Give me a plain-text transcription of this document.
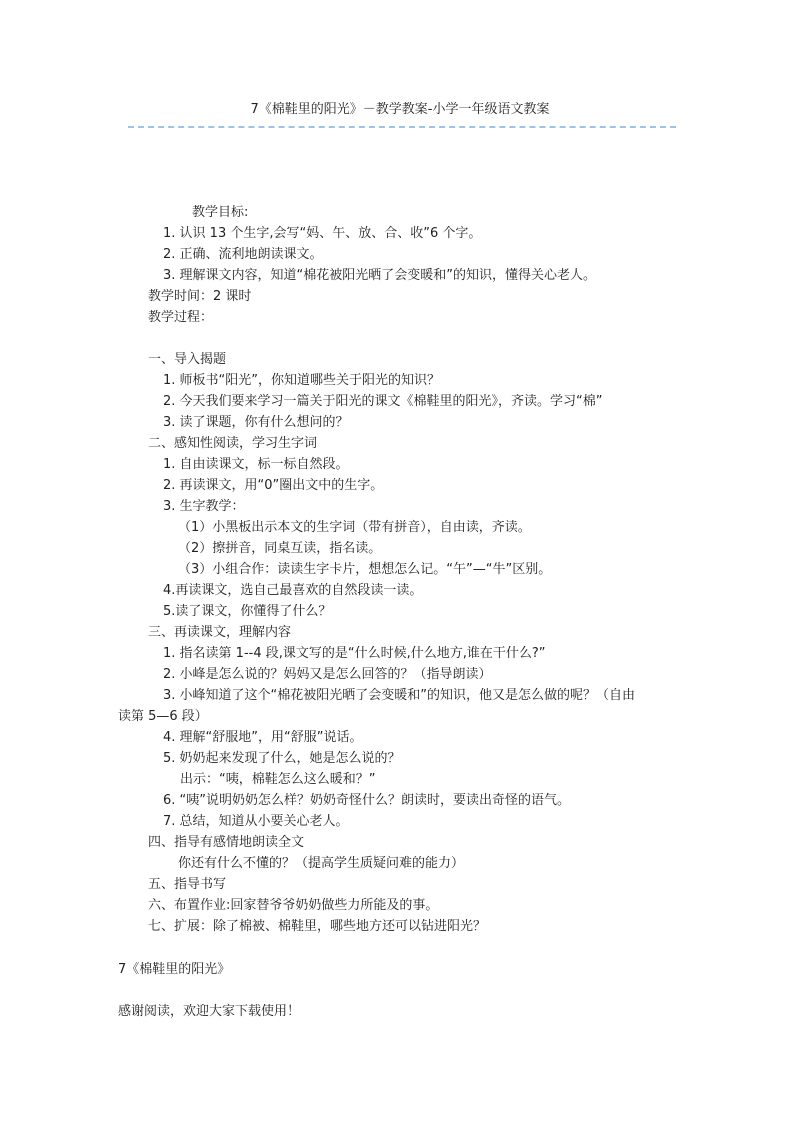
7《棉鞋里的阳光》－教学教案-小学一年级语文教案
教学目标:
1. 认识 13 个生字,会写“妈、午、放、合、收”6 个字。
2. 正确、流利地朗读课文。
3. 理解课文内容，知道“棉花被阳光晒了会变暖和”的知识，懂得关心老人。
教学时间：2 课时
教学过程：
一、导入揭题
1. 师板书“阳光”，你知道哪些关于阳光的知识？
2. 今天我们要来学习一篇关于阳光的课文《棉鞋里的阳光》，齐读。学习“棉”
3. 读了课题，你有什么想问的？
二、感知性阅读，学习生字词
1. 自由读课文，标一标自然段。
2. 再读课文，用“0”圈出文中的生字。
3. 生字教学：
（1）小黑板出示本文的生字词（带有拼音），自由读，齐读。
（2）擦拼音，同桌互读，指名读。
（3）小组合作：读读生字卡片，想想怎么记。“午”—“牛”区别。
4.再读课文，选自己最喜欢的自然段读一读。
5.读了课文，你懂得了什么？
三、再读课文，理解内容
1. 指名读第 1--4 段,课文写的是“什么时候,什么地方,谁在干什么?”
2. 小峰是怎么说的？妈妈又是怎么回答的？（指导朗读）
3. 小峰知道了这个“棉花被阳光晒了会变暖和”的知识，他又是怎么做的呢？（自由
读第 5—6 段）
4. 理解“舒服地”，用“舒服”说话。
5. 奶奶起来发现了什么，她是怎么说的？
出示：“咦，棉鞋怎么这么暖和？”
6. “咦”说明奶奶怎么样？奶奶奇怪什么？朗读时，要读出奇怪的语气。
7. 总结，知道从小要关心老人。
四、指导有感情地朗读全文
你还有什么不懂的？（提高学生质疑问难的能力）
五、指导书写
六、布置作业:回家替爷爷奶奶做些力所能及的事。
七、扩展：除了棉被、棉鞋里，哪些地方还可以钻进阳光？
7《棉鞋里的阳光》
感谢阅读，欢迎大家下载使用！
